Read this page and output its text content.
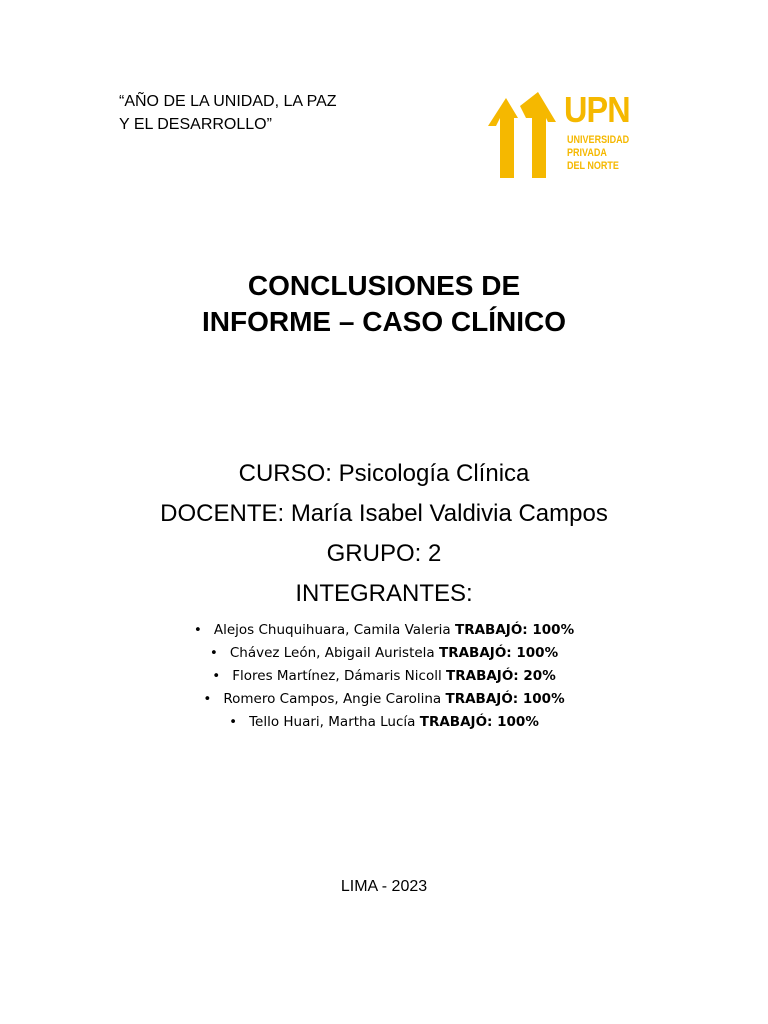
“AÑO DE LA UNIDAD, LA PAZ
Y EL DESARROLLO”	UPN
UNIVERSIDAD
PRIVADA
DEL NORTE
CONCLUSIONES DE
INFORME – CASO CLÍNICO
CURSO: Psicología Clínica
DOCENTE: María Isabel Valdivia Campos
GRUPO: 2
INTEGRANTES:
• Alejos Chuquihuara, Camila Valeria TRABAJÓ: 100%
• Chávez León, Abigail Auristela TRABAJÓ: 100%
• Flores Martínez, Dámaris Nicoll TRABAJÓ: 20%
• Romero Campos, Angie Carolina TRABAJÓ: 100%
• Tello Huari, Martha Lucía TRABAJÓ: 100%
LIMA - 2023
